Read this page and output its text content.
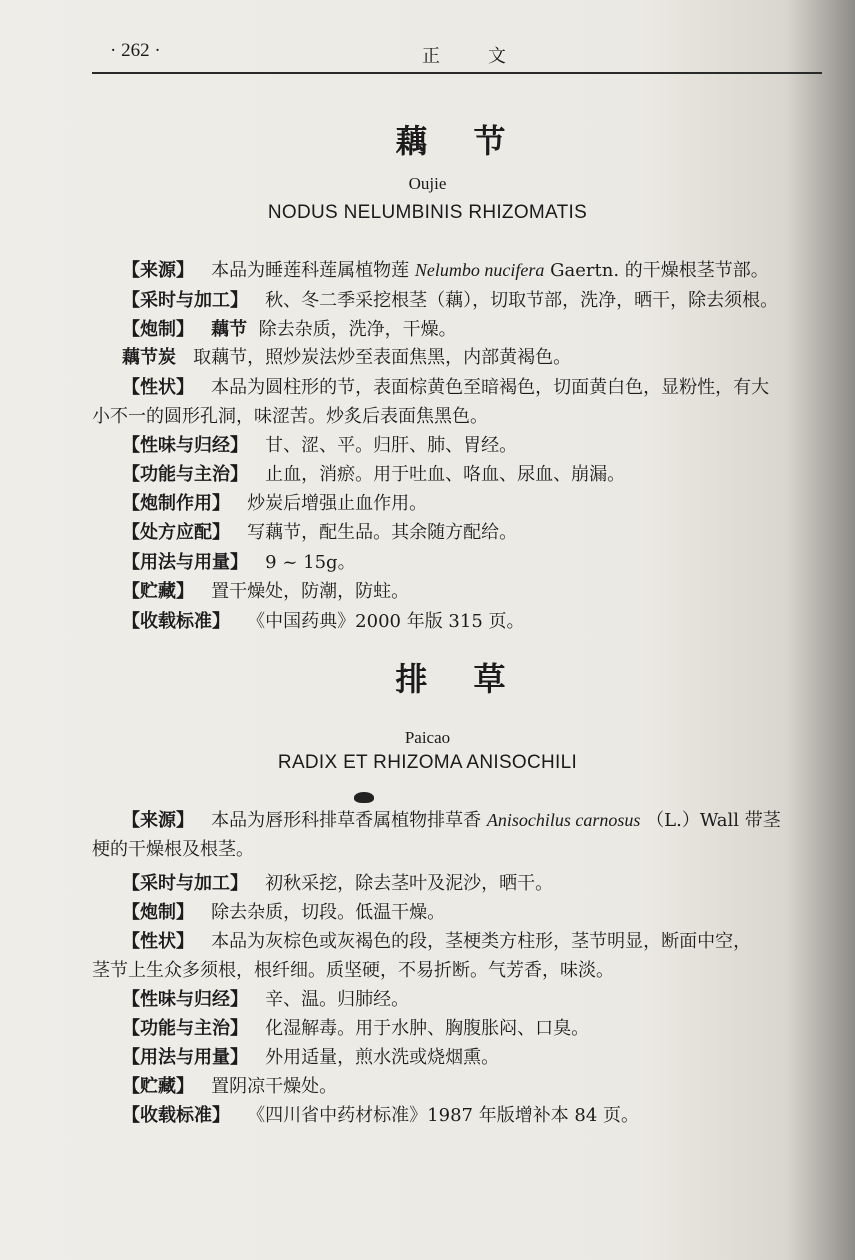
· 262 ·	正文
藕节
Oujie
NODUS NELUMBINIS RHIZOMATIS
【来源】 本品为睡莲科莲属植物莲 Nelumbo nucifera Gaertn. 的干燥根茎节部。
【采时与加工】 秋、冬二季采挖根茎（藕），切取节部，洗净，晒干，除去须根。
【炮制】 藕节 除去杂质，洗净，干燥。
藕节炭 取藕节，照炒炭法炒至表面焦黑，内部黄褐色。
【性状】 本品为圆柱形的节，表面棕黄色至暗褐色，切面黄白色，显粉性，有大
小不一的圆形孔洞，味涩苦。炒炙后表面焦黑色。
【性味与归经】 甘、涩、平。归肝、肺、胃经。
【功能与主治】 止血，消瘀。用于吐血、咯血、尿血、崩漏。
【炮制作用】 炒炭后增强止血作用。
【处方应配】 写藕节，配生品。其余随方配给。
【用法与用量】 9 ~ 15g。
【贮藏】 置干燥处，防潮，防蛀。
【收载标准】 《中国药典》2000 年版 315 页。
排草
Paicao
RADIX ET RHIZOMA ANISOCHILI
【来源】 本品为唇形科排草香属植物排草香 Anisochilus carnosus （L.）Wall 带茎
梗的干燥根及根茎。
【采时与加工】 初秋采挖，除去茎叶及泥沙，晒干。
【炮制】 除去杂质，切段。低温干燥。
【性状】 本品为灰棕色或灰褐色的段，茎梗类方柱形，茎节明显，断面中空，
茎节上生众多须根，根纤细。质坚硬，不易折断。气芳香，味淡。
【性味与归经】 辛、温。归肺经。
【功能与主治】 化湿解毒。用于水肿、胸腹胀闷、口臭。
【用法与用量】 外用适量，煎水洗或烧烟熏。
【贮藏】 置阴凉干燥处。
【收载标准】 《四川省中药材标准》1987 年版增补本 84 页。
